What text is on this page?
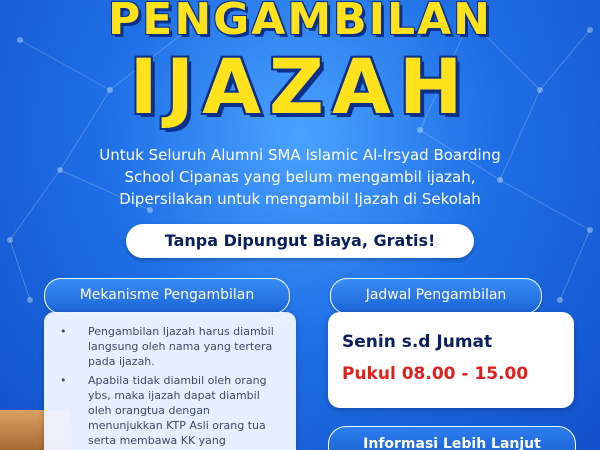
PENGAMBILAN
IJAZAH
Untuk Seluruh Alumni SMA Islamic Al-Irsyad Boarding
School Cipanas yang belum mengambil ijazah,
Dipersilakan untuk mengambil Ijazah di Sekolah
Tanpa Dipungut Biaya, Gratis!
Mekanisme Pengambilan	Jadwal Pengambilan
• Pengambilan Ijazah harus diambil langsung oleh nama yang tertera pada ijazah.
• Apabila tidak diambil oleh orang ybs, maka ijazah dapat diambil oleh orangtua dengan menunjukkan KTP Asli orang tua serta membawa KK yang
Senin s.d Jumat
Pukul 08.00 - 15.00
Informasi Lebih Lanjut
